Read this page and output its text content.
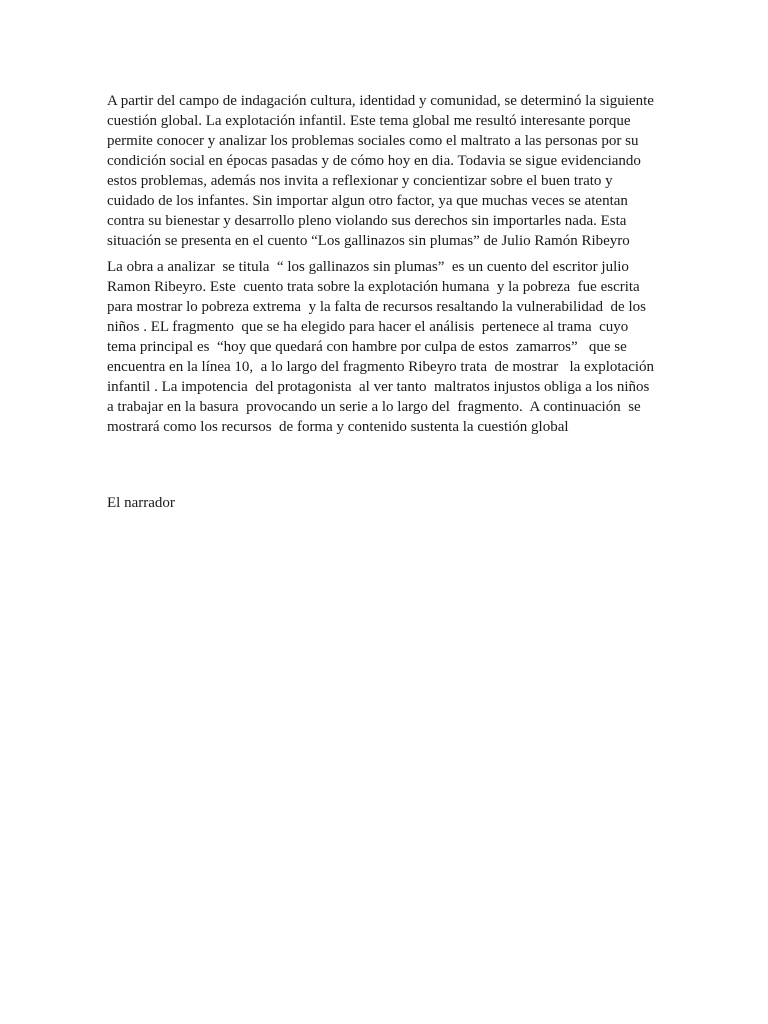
A partir del campo de indagación cultura, identidad y comunidad, se determinó la siguiente
cuestión global. La explotación infantil. Este tema global me resultó interesante porque
permite conocer y analizar los problemas sociales como el maltrato a las personas por su
condición social en épocas pasadas y de cómo hoy en dia. Todavia se sigue evidenciando
estos problemas, además nos invita a reflexionar y concientizar sobre el buen trato y
cuidado de los infantes. Sin importar algun otro factor, ya que muchas veces se atentan
contra su bienestar y desarrollo pleno violando sus derechos sin importarles nada. Esta
situación se presenta en el cuento “Los gallinazos sin plumas” de Julio Ramón Ribeyro

La obra a analizar  se titula  “ los gallinazos sin plumas”  es un cuento del escritor julio
Ramon Ribeyro. Este  cuento trata sobre la explotación humana  y la pobreza  fue escrita
para mostrar lo pobreza extrema  y la falta de recursos resaltando la vulnerabilidad  de los
niños . EL fragmento  que se ha elegido para hacer el análisis  pertenece al trama  cuyo
tema principal es  “hoy que quedará con hambre por culpa de estos  zamarros”   que se
encuentra en la línea 10,  a lo largo del fragmento Ribeyro trata  de mostrar   la explotación
infantil . La impotencia  del protagonista  al ver tanto  maltratos injustos obliga a los niños
a trabajar en la basura  provocando un serie a lo largo del  fragmento.  A continuación  se
mostrará como los recursos  de forma y contenido sustenta la cuestión global

El narrador
